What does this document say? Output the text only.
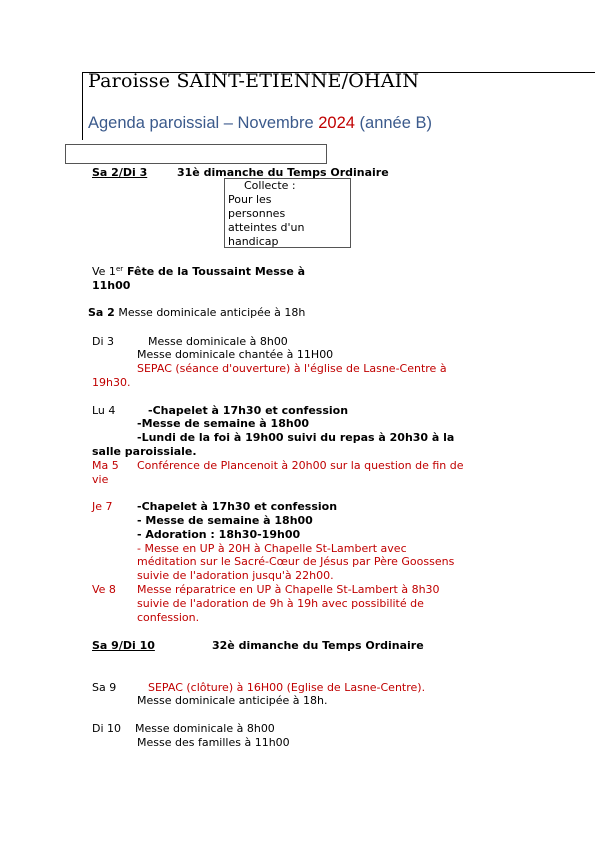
Paroisse SAINT-ETIENNE/OHAIN
Agenda paroissial – Novembre 2024 (année B)
Sa 2/Di 3	31è dimanche du Temps Ordinaire
Collecte :
Pour les
personnes
atteintes d'un
handicap
Ve 1er Fête de la Toussaint Messe à
11h00
Sa 2 Messe dominicale anticipée à 18h
Di 3	Messe dominicale à 8h00
Messe dominicale chantée à 11H00
SEPAC (séance d'ouverture) à l'église de Lasne-Centre à
19h30.
Lu 4	-Chapelet à 17h30 et confession
-Messe de semaine à 18h00
-Lundi de la foi à 19h00 suivi du repas à 20h30 à la
salle paroissiale.
Ma 5 Conférence de Plancenoit à 20h00 sur la question de fin de
vie
Je 7 -Chapelet à 17h30 et confession
- Messe de semaine à 18h00
- Adoration : 18h30-19h00
- Messe en UP à 20H à Chapelle St-Lambert avec
méditation sur le Sacré-Cœur de Jésus par Père Goossens
suivie de l'adoration jusqu'à 22h00.
Ve 8 Messe réparatrice en UP à Chapelle St-Lambert à 8h30
suivie de l'adoration de 9h à 19h avec possibilité de
confession.
Sa 9/Di 10	32è dimanche du Temps Ordinaire
Sa 9	SEPAC (clôture) à 16H00 (Eglise de Lasne-Centre).
Messe dominicale anticipée à 18h.
Di 10 Messe dominicale à 8h00
Messe des familles à 11h00
